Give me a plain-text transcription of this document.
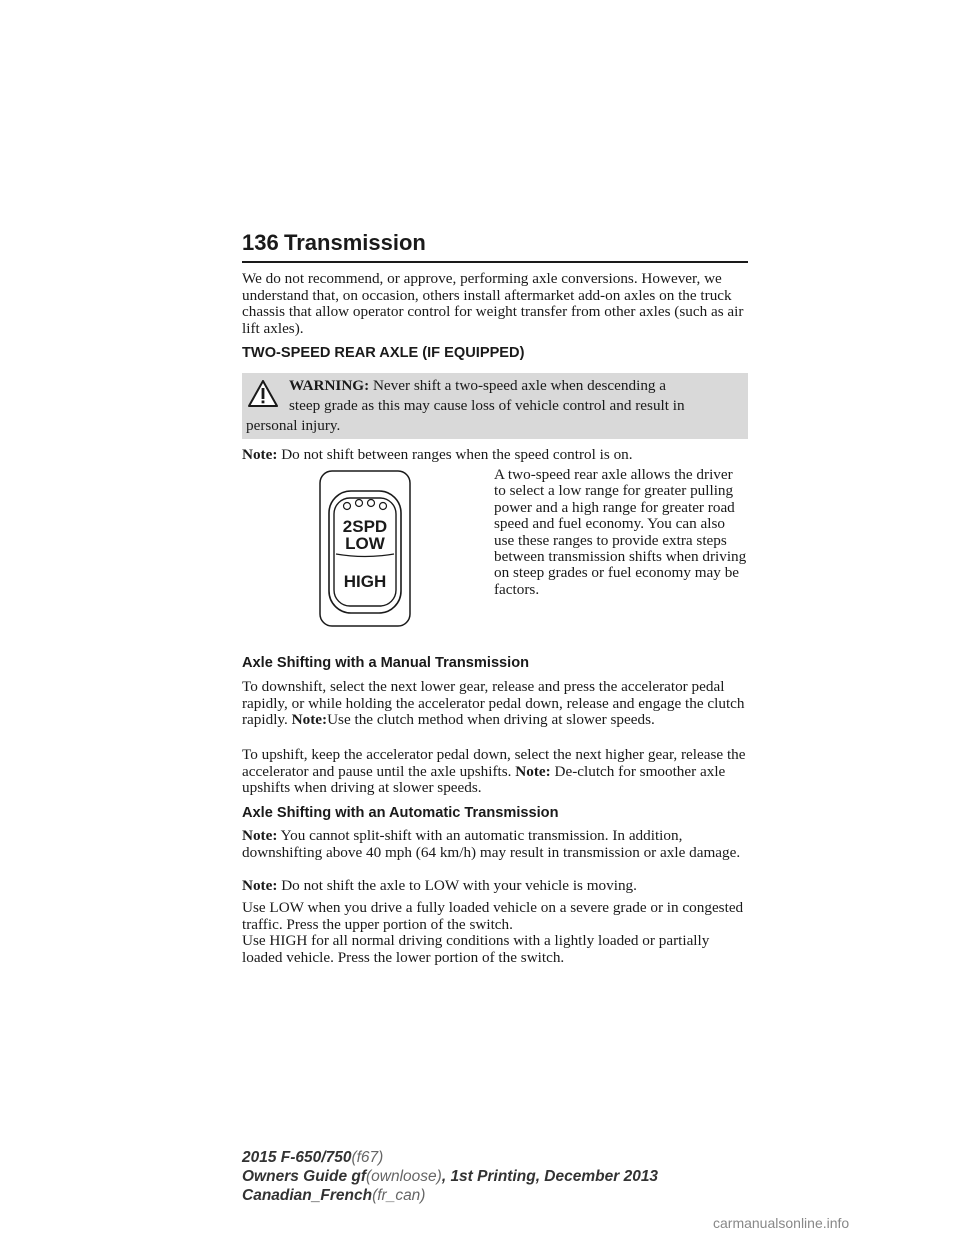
136 Transmission

We do not recommend, or approve, performing axle conversions. However, we understand that, on occasion, others install aftermarket add-on axles on the truck chassis that allow operator control for weight transfer from other axles (such as air lift axles).

TWO-SPEED REAR AXLE (IF EQUIPPED)
WARNING: Never shift a two-speed axle when descending a
steep grade as this may cause loss of vehicle control and result in
personal injury.

Note: Do not shift between ranges when the speed control is on.

2SPD
LOW
HIGH

A two-speed rear axle allows the driver to select a low range for greater pulling power and a high range for greater road speed and fuel economy. You can also use these ranges to provide extra steps between transmission shifts when driving on steep grades or fuel economy may be factors.

Axle Shifting with a Manual Transmission

To downshift, select the next lower gear, release and press the accelerator pedal rapidly, or while holding the accelerator pedal down, release and engage the clutch rapidly. Note:Use the clutch method when driving at slower speeds.

To upshift, keep the accelerator pedal down, select the next higher gear, release the accelerator and pause until the axle upshifts. Note: De-clutch for smoother axle upshifts when driving at slower speeds.

Axle Shifting with an Automatic Transmission

Note: You cannot split-shift with an automatic transmission. In addition, downshifting above 40 mph (64 km/h) may result in transmission or axle damage.

Note: Do not shift the axle to LOW with your vehicle is moving.

Use LOW when you drive a fully loaded vehicle on a severe grade or in congested traffic. Press the upper portion of the switch.

Use HIGH for all normal driving conditions with a lightly loaded or partially loaded vehicle. Press the lower portion of the switch.

2015 F-650/750(f67)
Owners Guide gf(ownloose), 1st Printing, December 2013
Canadian_French(fr_can)
carmanualsonline.info
